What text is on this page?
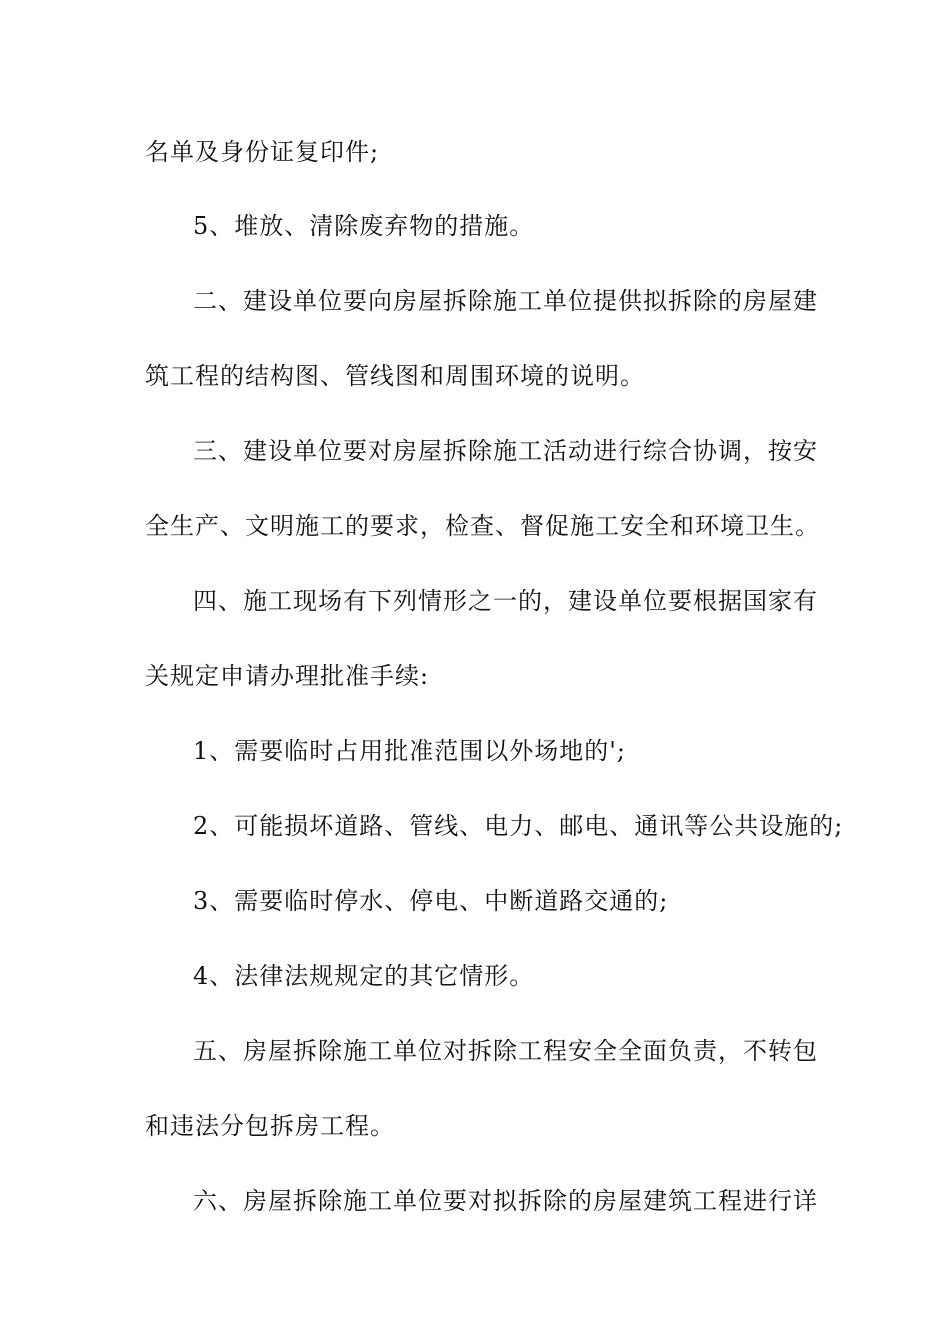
名单及身份证复印件;
5、堆放、清除废弃物的措施。
二、建设单位要向房屋拆除施工单位提供拟拆除的房屋建
筑工程的结构图、管线图和周围环境的说明。
三、建设单位要对房屋拆除施工活动进行综合协调，按安
全生产、文明施工的要求，检查、督促施工安全和环境卫生。
四、施工现场有下列情形之一的，建设单位要根据国家有
关规定申请办理批准手续:
1、需要临时占用批准范围以外场地的';
2、可能损坏道路、管线、电力、邮电、通讯等公共设施的;
3、需要临时停水、停电、中断道路交通的;
4、法律法规规定的其它情形。
五、房屋拆除施工单位对拆除工程安全全面负责，不转包
和违法分包拆房工程。
六、房屋拆除施工单位要对拟拆除的房屋建筑工程进行详
